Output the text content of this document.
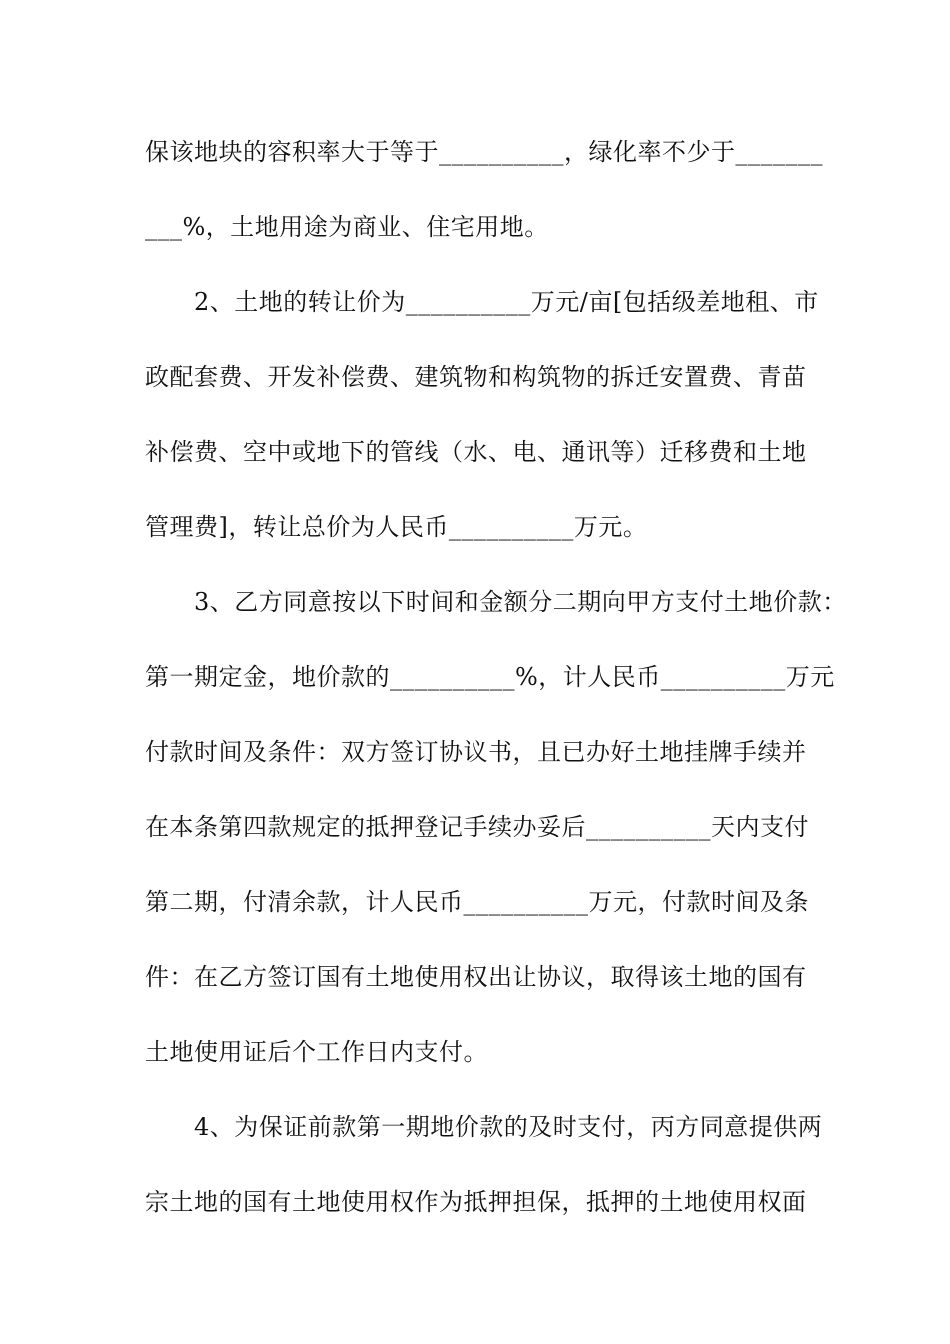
保该地块的容积率大于等于__________，绿化率不少于_______
___%，土地用途为商业、住宅用地。
　　2、土地的转让价为__________万元/亩[包括级差地租、市
政配套费、开发补偿费、建筑物和构筑物的拆迁安置费、青苗
补偿费、空中或地下的管线（水、电、通讯等）迁移费和土地
管理费]，转让总价为人民币__________万元。
　　3、乙方同意按以下时间和金额分二期向甲方支付土地价款：
第一期定金，地价款的__________%，计人民币__________万元
付款时间及条件：双方签订协议书，且已办好土地挂牌手续并
在本条第四款规定的抵押登记手续办妥后__________天内支付
第二期，付清余款，计人民币__________万元，付款时间及条
件：在乙方签订国有土地使用权出让协议，取得该土地的国有
土地使用证后个工作日内支付。
　　4、为保证前款第一期地价款的及时支付，丙方同意提供两
宗土地的国有土地使用权作为抵押担保，抵押的土地使用权面
